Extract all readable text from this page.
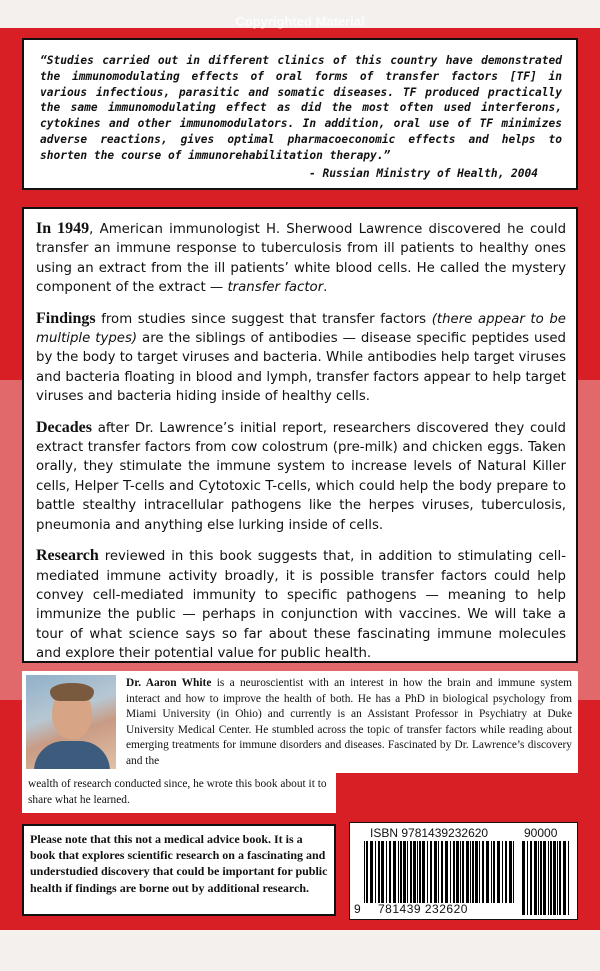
Copyrighted Material

“Studies carried out in different clinics of this country have demonstrated the immunomodulating effects of oral forms of transfer factors [TF] in various infectious, parasitic and somatic diseases. TF produced practically the same immunomodulating effect as did the most often used interferons, cytokines and other immunomodulators. In addition, oral use of TF minimizes adverse reactions, gives optimal pharmacoeconomic effects and helps to shorten the course of immunorehabilitation therapy.”

- Russian Ministry of Health, 2004

In 1949, American immunologist H. Sherwood Lawrence discovered he could transfer an immune response to tuberculosis from ill patients to healthy ones using an extract from the ill patients’ white blood cells. He called the mystery component of the extract — transfer factor.

Findings from studies since suggest that transfer factors (there appear to be multiple types) are the siblings of antibodies — disease specific peptides used by the body to target viruses and bacteria. While antibodies help target viruses and bacteria floating in blood and lymph, transfer factors appear to help target viruses and bacteria hiding inside of healthy cells.

Decades after Dr. Lawrence’s initial report, researchers discovered they could extract transfer factors from cow colostrum (pre-milk) and chicken eggs. Taken orally, they stimulate the immune system to increase levels of Natural Killer cells, Helper T-cells and Cytotoxic T-cells, which could help the body prepare to battle stealthy intracellular pathogens like the herpes viruses, tuberculosis, pneumonia and anything else lurking inside of cells.

Research reviewed in this book suggests that, in addition to stimulating cell-mediated immune activity broadly, it is possible transfer factors could help convey cell-mediated immunity to specific pathogens — meaning to help immunize the public — perhaps in conjunction with vaccines. We will take a tour of what science says so far about these fascinating immune molecules and explore their potential value for public health.

Dr. Aaron White is a neuroscientist with an interest in how the brain and immune system interact and how to improve the health of both. He has a PhD in biological psychology from Miami University (in Ohio) and currently is an Assistant Professor in Psychiatry at Duke University Medical Center. He stumbled across the topic of transfer factors while reading about emerging treatments for immune disorders and diseases. Fascinated by Dr. Lawrence’s discovery and the
wealth of research conducted since, he wrote this book about it to share what he learned.
Please note that this not a medical advice book. It is a book that explores scientific research on a fascinating and understudied discovery that could be important for public health if findings are borne out by additional research.
ISBN 9781439232620	90000
9 781439 232620
